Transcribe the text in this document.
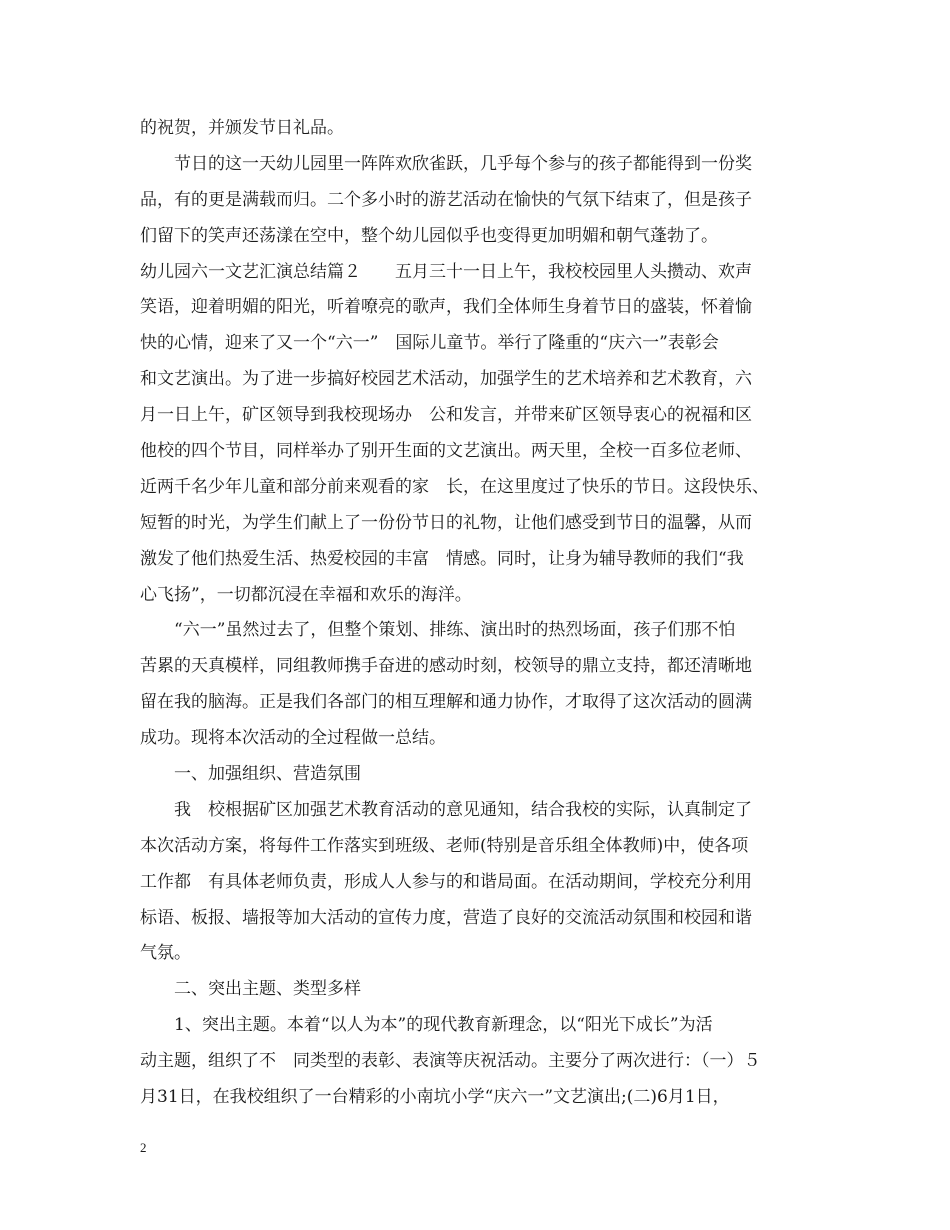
的祝贺，并颁发节日礼品。
节日的这一天幼儿园里一阵阵欢欣雀跃，几乎每个参与的孩子都能得到一份奖
品，有的更是满载而归。二个多小时的游艺活动在愉快的气氛下结束了，但是孩子
们留下的笑声还荡漾在空中，整个幼儿园似乎也变得更加明媚和朝气蓬勃了。
幼儿园六一文艺汇演总结篇２　　五月三十一日上午，我校校园里人头攒动、欢声
笑语，迎着明媚的阳光，听着嘹亮的歌声，我们全体师生身着节日的盛装，怀着愉
快的心情，迎来了又一个“六一”　国际儿童节。举行了隆重的“庆六一”表彰会
和文艺演出。为了进一步搞好校园艺术活动，加强学生的艺术培养和艺术教育，六
月一日上午，矿区领导到我校现场办　公和发言，并带来矿区领导衷心的祝福和区
他校的四个节目，同样举办了别开生面的文艺演出。两天里，全校一百多位老师、
近两千名少年儿童和部分前来观看的家　长，在这里度过了快乐的节日。这段快乐、
短暂的时光，为学生们献上了一份份节日的礼物，让他们感受到节日的温馨，从而
激发了他们热爱生活、热爱校园的丰富　情感。同时，让身为辅导教师的我们“我
心飞扬”，一切都沉浸在幸福和欢乐的海洋。
“六一”虽然过去了，但整个策划、排练、演出时的热烈场面，孩子们那不怕
苦累的天真模样，同组教师携手奋进的感动时刻，校领导的鼎立支持，都还清晰地
留在我的脑海。正是我们各部门的相互理解和通力协作，才取得了这次活动的圆满
成功。现将本次活动的全过程做一总结。
一、加强组织、营造氛围
我　校根据矿区加强艺术教育活动的意见通知，结合我校的实际，认真制定了
本次活动方案，将每件工作落实到班级、老师(特别是音乐组全体教师)中，使各项
工作都　有具体老师负责，形成人人参与的和谐局面。在活动期间，学校充分利用
标语、板报、墙报等加大活动的宣传力度，营造了良好的交流活动氛围和校园和谐
气氛。
二、突出主题、类型多样
1、突出主题。本着“以人为本”的现代教育新理念，以“阳光下成长”为活
动主题，组织了不　同类型的表彰、表演等庆祝活动。主要分了两次进行：（一）５
月31日，在我校组织了一台精彩的小南坑小学“庆六一”文艺演出;(二)6月1日，
2
